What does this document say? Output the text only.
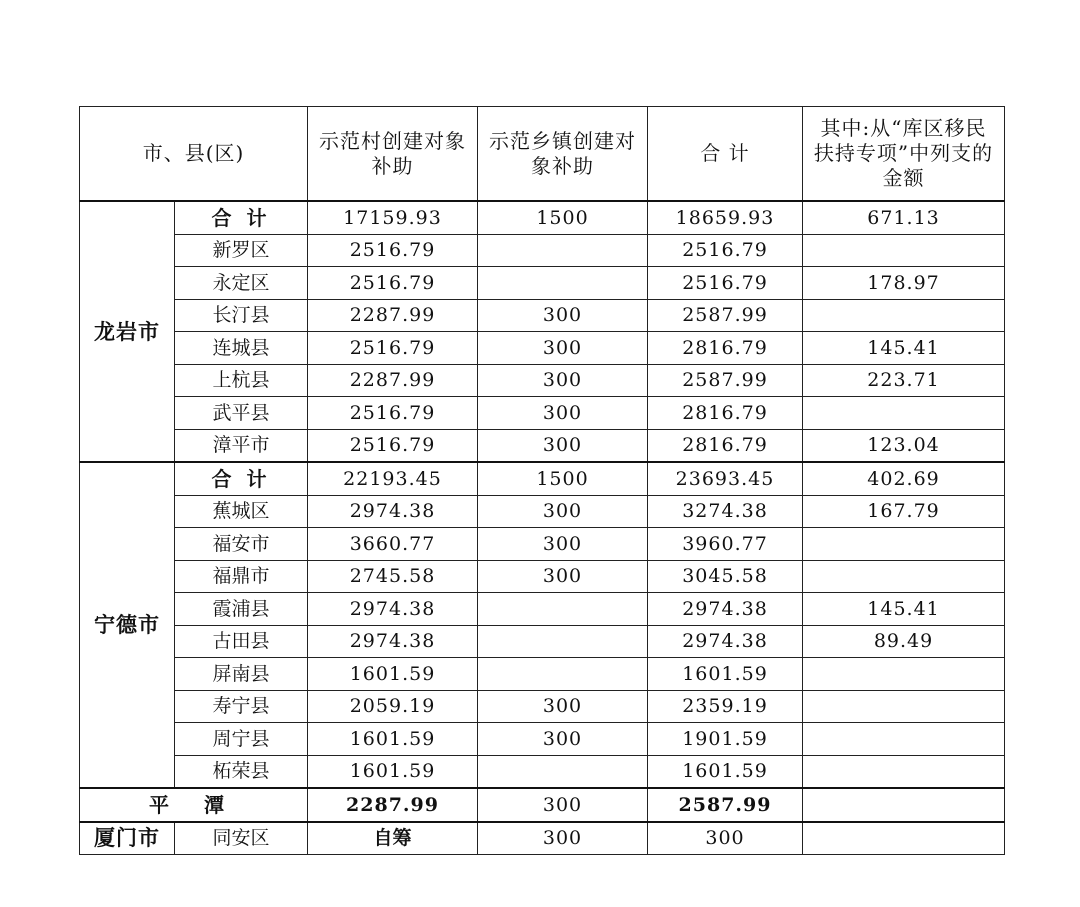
市、县(区)		示范村创建对象补助	示范乡镇创建对象补助	合 计	其中:从“库区移民扶持专项”中列支的金额
龙岩市	合 计	17159.93	1500	18659.93	671.13
	新罗区	2516.79		2516.79	
	永定区	2516.79		2516.79	178.97
	长汀县	2287.99	300	2587.99	
	连城县	2516.79	300	2816.79	145.41
	上杭县	2287.99	300	2587.99	223.71
	武平县	2516.79	300	2816.79	
	漳平市	2516.79	300	2816.79	123.04
宁德市	合 计	22193.45	1500	23693.45	402.69
	蕉城区	2974.38	300	3274.38	167.79
	福安市	3660.77	300	3960.77	
	福鼎市	2745.58	300	3045.58	
	霞浦县	2974.38		2974.38	145.41
	古田县	2974.38		2974.38	89.49
	屏南县	1601.59		1601.59	
	寿宁县	2059.19	300	2359.19	
	周宁县	1601.59	300	1901.59	
	柘荣县	1601.59		1601.59	
平 潭		2287.99	300	2587.99	
厦门市	同安区	自筹	300	300	
